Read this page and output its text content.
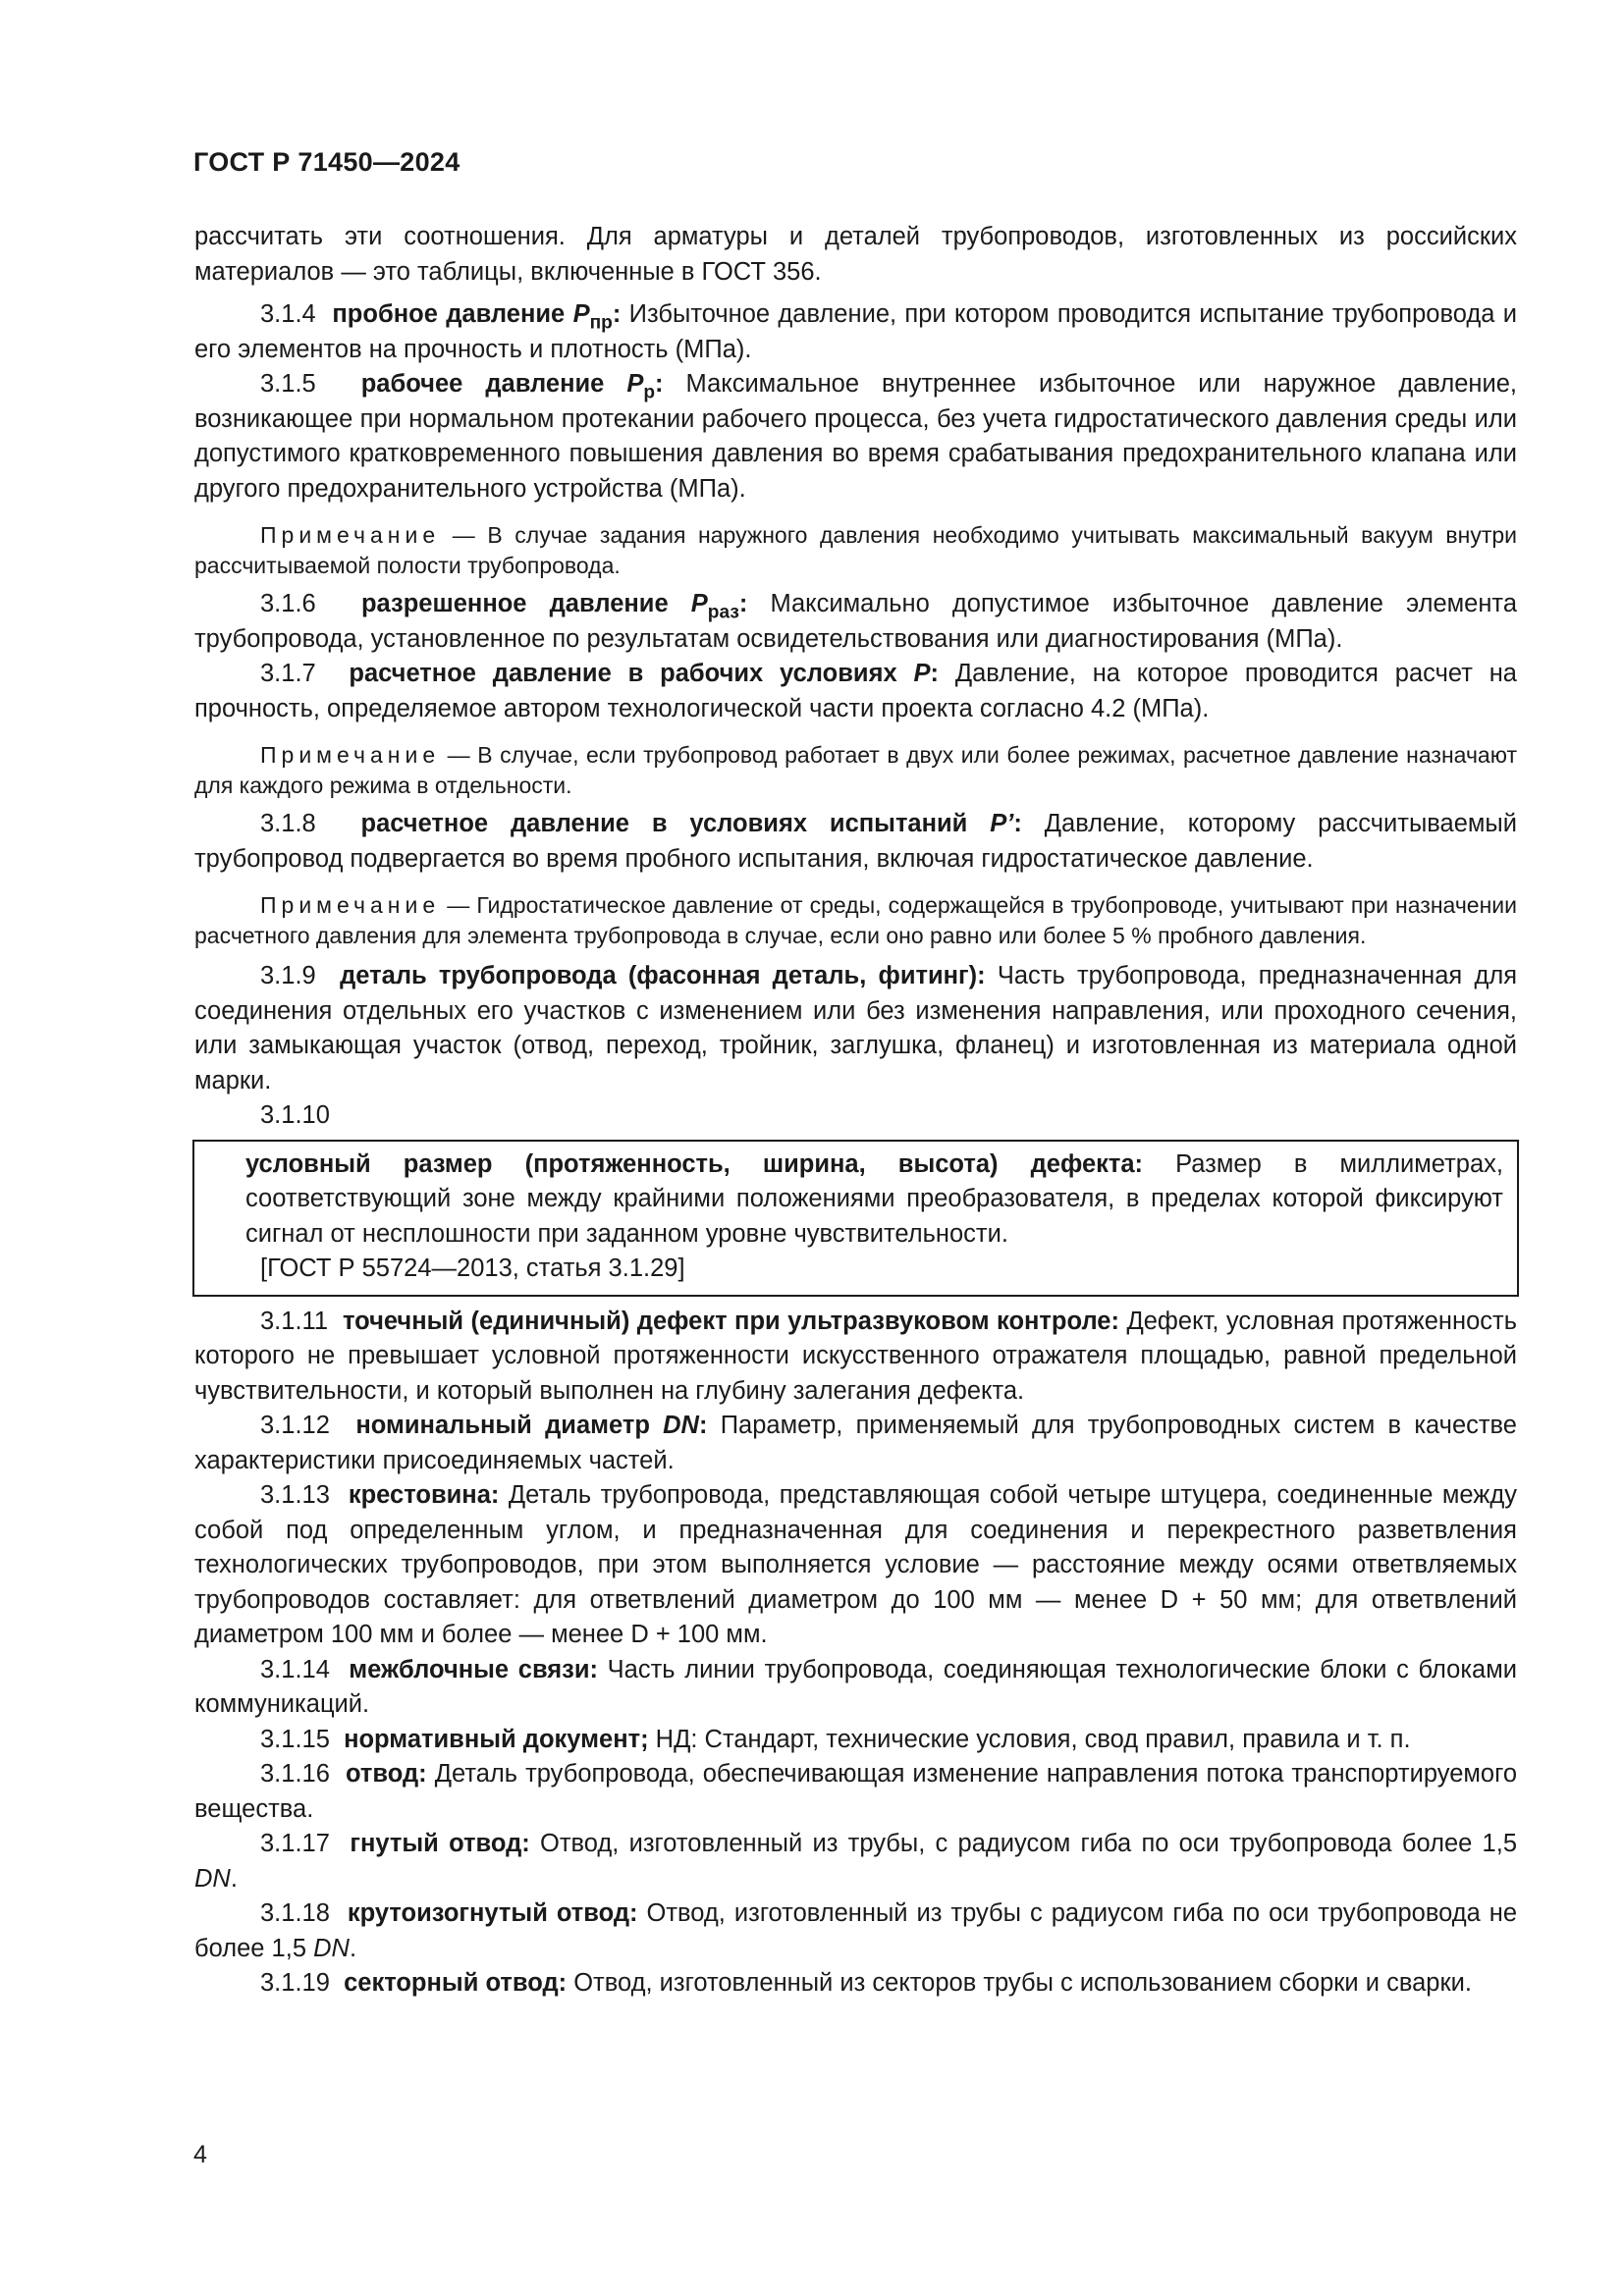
ГОСТ Р 71450—2024

рассчитать эти соотношения. Для арматуры и деталей трубопроводов, изготовленных из российских материалов — это таблицы, включенные в ГОСТ 356.

3.1.4 пробное давление $P_{пр}$: Избыточное давление, при котором проводится испытание трубопровода и его элементов на прочность и плотность (МПа).

3.1.5 рабочее давление $P_р$: Максимальное внутреннее избыточное или наружное давление, возникающее при нормальном протекании рабочего процесса, без учета гидростатического давления среды или допустимого кратковременного повышения давления во время срабатывания предохранительного клапана или другого предохранительного устройства (МПа).

Примечание — В случае задания наружного давления необходимо учитывать максимальный вакуум внутри рассчитываемой полости трубопровода.

3.1.6 разрешенное давление $P_{раз}$: Максимально допустимое избыточное давление элемента трубопровода, установленное по результатам освидетельствования или диагностирования (МПа).

3.1.7 расчетное давление в рабочих условиях P: Давление, на которое проводится расчет на прочность, определяемое автором технологической части проекта согласно 4.2 (МПа).

Примечание — В случае, если трубопровод работает в двух или более режимах, расчетное давление назначают для каждого режима в отдельности.

3.1.8 расчетное давление в условиях испытаний P’: Давление, которому рассчитываемый трубопровод подвергается во время пробного испытания, включая гидростатическое давление.

Примечание — Гидростатическое давление от среды, содержащейся в трубопроводе, учитывают при назначении расчетного давления для элемента трубопровода в случае, если оно равно или более 5 % пробного давления.

3.1.9 деталь трубопровода (фасонная деталь, фитинг): Часть трубопровода, предназначенная для соединения отдельных его участков с изменением или без изменения направления, или проходного сечения, или замыкающая участок (отвод, переход, тройник, заглушка, фланец) и изготовленная из материала одной марки.

3.1.10

условный размер (протяженность, ширина, высота) дефекта: Размер в миллиметрах, соответствующий зоне между крайними положениями преобразователя, в пределах которой фиксируют сигнал от несплошности при заданном уровне чувствительности.

[ГОСТ Р 55724—2013, статья 3.1.29]

3.1.11 точечный (единичный) дефект при ультразвуковом контроле: Дефект, условная протяженность которого не превышает условной протяженности искусственного отражателя площадью, равной предельной чувствительности, и который выполнен на глубину залегания дефекта.

3.1.12 номинальный диаметр DN: Параметр, применяемый для трубопроводных систем в качестве характеристики присоединяемых частей.

3.1.13 крестовина: Деталь трубопровода, представляющая собой четыре штуцера, соединенные между собой под определенным углом, и предназначенная для соединения и перекрестного разветвления технологических трубопроводов, при этом выполняется условие — расстояние между осями ответвляемых трубопроводов составляет: для ответвлений диаметром до 100 мм — менее D + 50 мм; для ответвлений диаметром 100 мм и более — менее D + 100 мм.

3.1.14 межблочные связи: Часть линии трубопровода, соединяющая технологические блоки с блоками коммуникаций.

3.1.15 нормативный документ; НД: Стандарт, технические условия, свод правил, правила и т. п.

3.1.16 отвод: Деталь трубопровода, обеспечивающая изменение направления потока транспортируемого вещества.

3.1.17 гнутый отвод: Отвод, изготовленный из трубы, с радиусом гиба по оси трубопровода более 1,5 DN.

3.1.18 крутоизогнутый отвод: Отвод, изготовленный из трубы с радиусом гиба по оси трубопровода не более 1,5 DN.

3.1.19 секторный отвод: Отвод, изготовленный из секторов трубы с использованием сборки и сварки.

4
